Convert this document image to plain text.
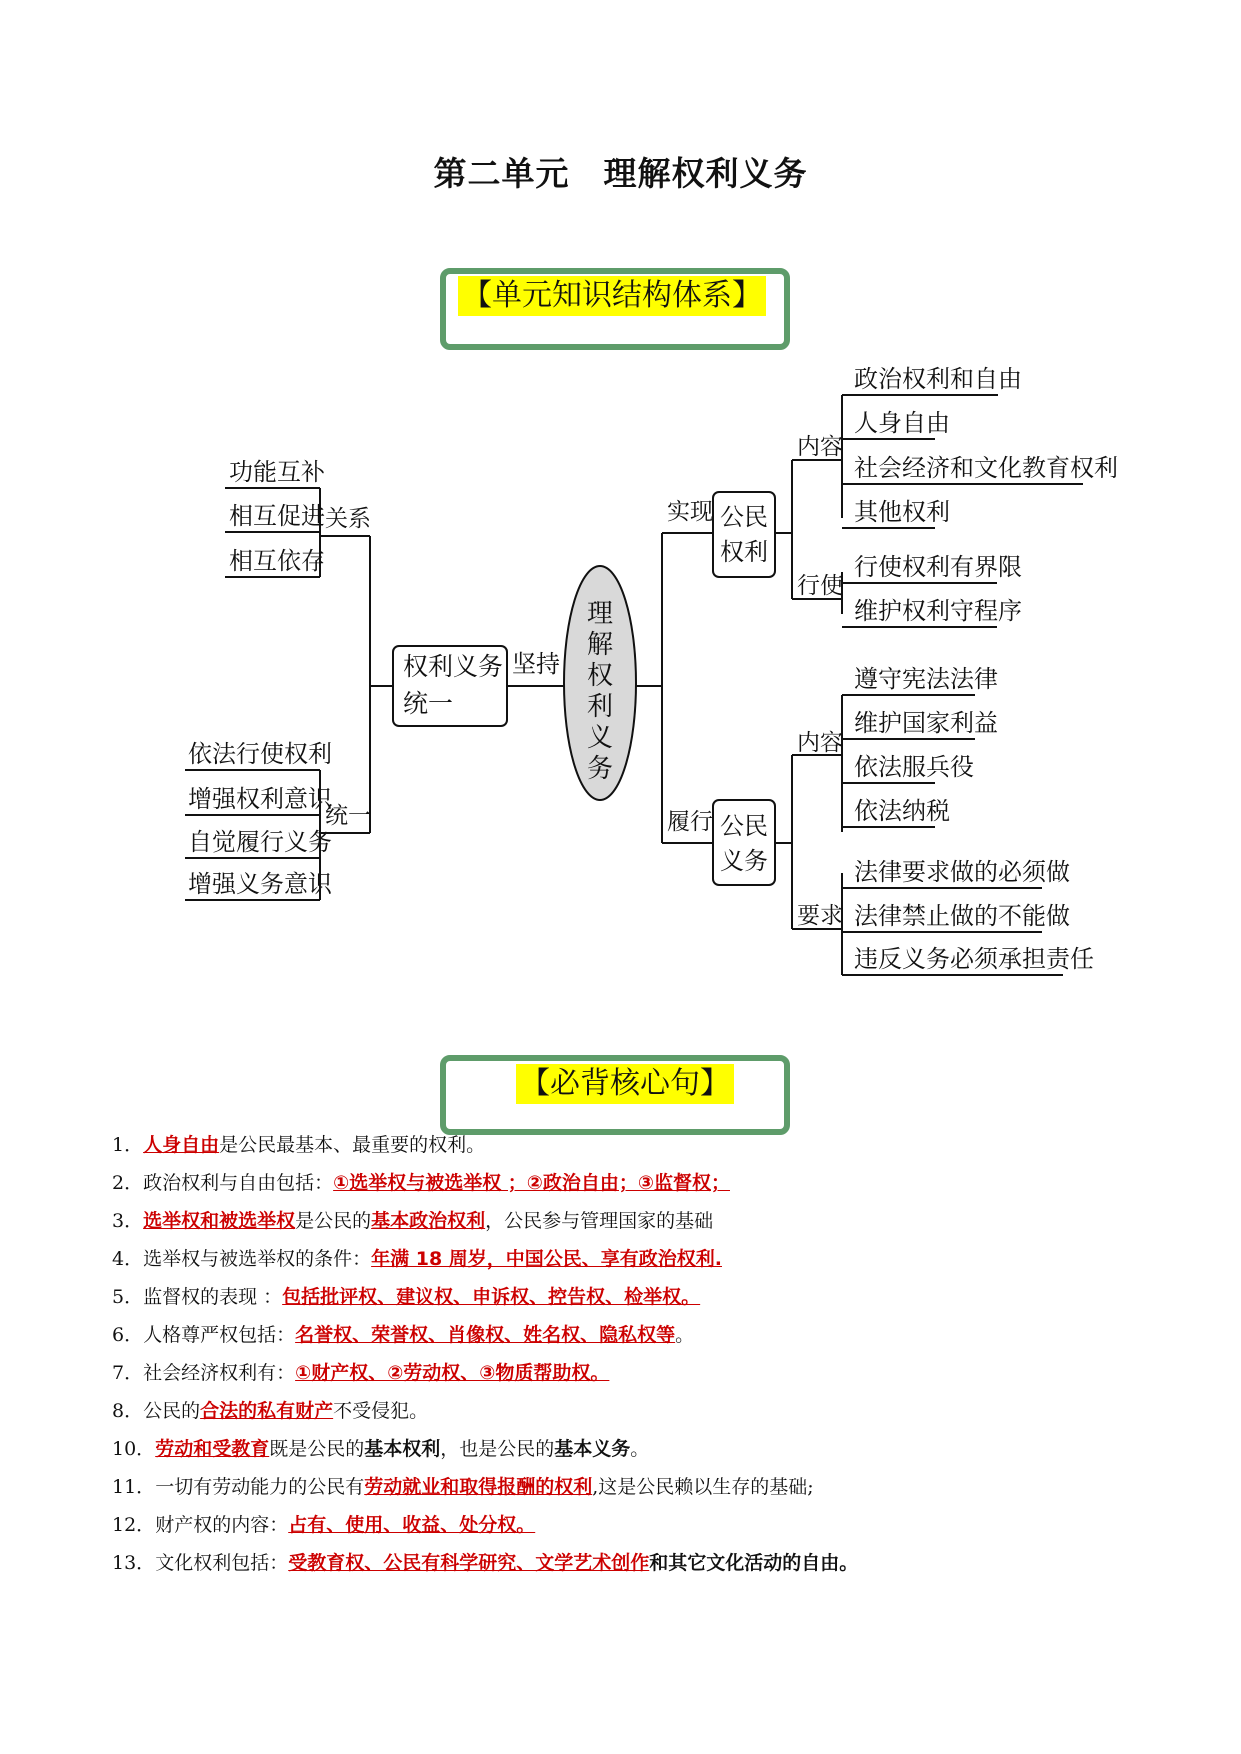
第二单元　理解权利义务
【单元知识结构体系】
理
解
权
利
义
务
权利义务
统一
坚持
关系
功能互补
相互促进
相互依存
统一
依法行使权利
增强权利意识
自觉履行义务
增强义务意识
实现 公民
权利
内容
政治权利和自由
人身自由
社会经济和文化教育权利
其他权利
行使
行使权利有界限
维护权利守程序
履行 公民
义务
内容
遵守宪法法律
维护国家利益
依法服兵役
依法纳税
要求
法律要求做的必须做
法律禁止做的不能做
违反义务必须承担责任
【必背核心句】
1．人身自由是公民最基本、最重要的权利。
2．政治权利与自由包括：①选举权与被选举权 ；②政治自由；③监督权；
3．选举权和被选举权是公民的基本政治权利，公民参与管理国家的基础
4．选举权与被选举权的条件：年满 18 周岁，中国公民、享有政治权利.
5．监督权的表现 ：包括批评权、建议权、申诉权、控告权、检举权。
6．人格尊严权包括：名誉权、荣誉权、肖像权、姓名权、隐私权等。
7．社会经济权利有：①财产权、②劳动权、③物质帮助权。
8．公民的合法的私有财产不受侵犯。
10．劳动和受教育既是公民的基本权利，也是公民的基本义务。
11．一切有劳动能力的公民有劳动就业和取得报酬的权利,这是公民赖以生存的基础;
12．财产权的内容：占有、使用、收益、处分权。
13．文化权利包括：受教育权、公民有科学研究、文学艺术创作和其它文化活动的自由。
